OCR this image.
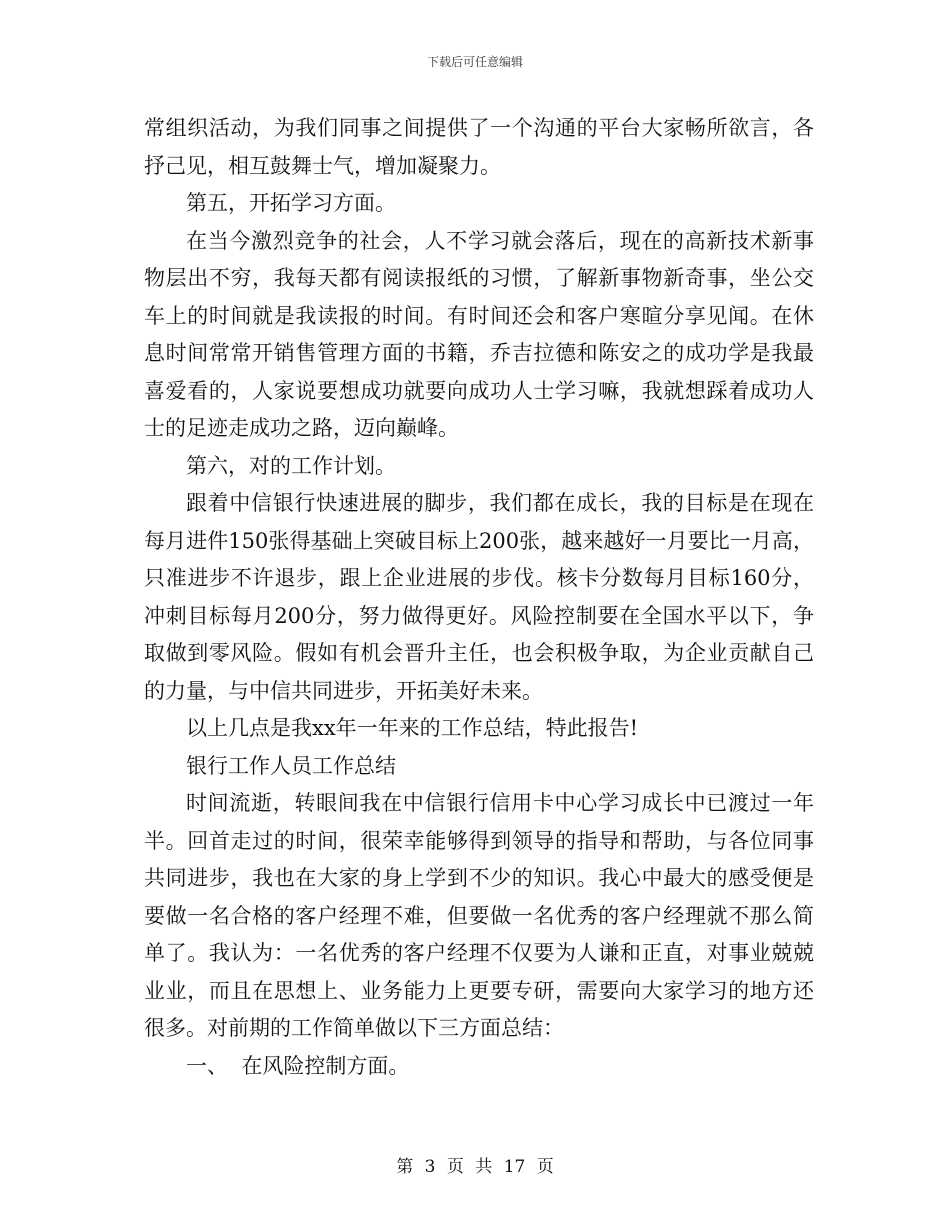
下载后可任意编辑

常组织活动，为我们同事之间提供了一个沟通的平台大家畅所欲言，各抒己见，相互鼓舞士气，增加凝聚力。

第五，开拓学习方面。

在当今激烈竞争的社会，人不学习就会落后，现在的高新技术新事物层出不穷，我每天都有阅读报纸的习惯，了解新事物新奇事，坐公交车上的时间就是我读报的时间。有时间还会和客户寒暄分享见闻。在休息时间常常开销售管理方面的书籍，乔吉拉德和陈安之的成功学是我最喜爱看的，人家说要想成功就要向成功人士学习嘛，我就想踩着成功人士的足迹走成功之路，迈向巅峰。

第六，对的工作计划。

跟着中信银行快速进展的脚步，我们都在成长，我的目标是在现在每月进件150张得基础上突破目标上200张，越来越好一月要比一月高，只准进步不许退步，跟上企业进展的步伐。核卡分数每月目标160分，冲刺目标每月200分，努力做得更好。风险控制要在全国水平以下，争取做到零风险。假如有机会晋升主任，也会积极争取，为企业贡献自己的力量，与中信共同进步，开拓美好未来。

以上几点是我xx年一年来的工作总结，特此报告!

银行工作人员工作总结

时间流逝，转眼间我在中信银行信用卡中心学习成长中已渡过一年半。回首走过的时间，很荣幸能够得到领导的指导和帮助，与各位同事共同进步，我也在大家的身上学到不少的知识。我心中最大的感受便是要做一名合格的客户经理不难，但要做一名优秀的客户经理就不那么简单了。我认为：一名优秀的客户经理不仅要为人谦和正直，对事业兢兢业业，而且在思想上、业务能力上更要专研，需要向大家学习的地方还很多。对前期的工作简单做以下三方面总结：

一、  在风险控制方面。

第 3 页 共 17 页
